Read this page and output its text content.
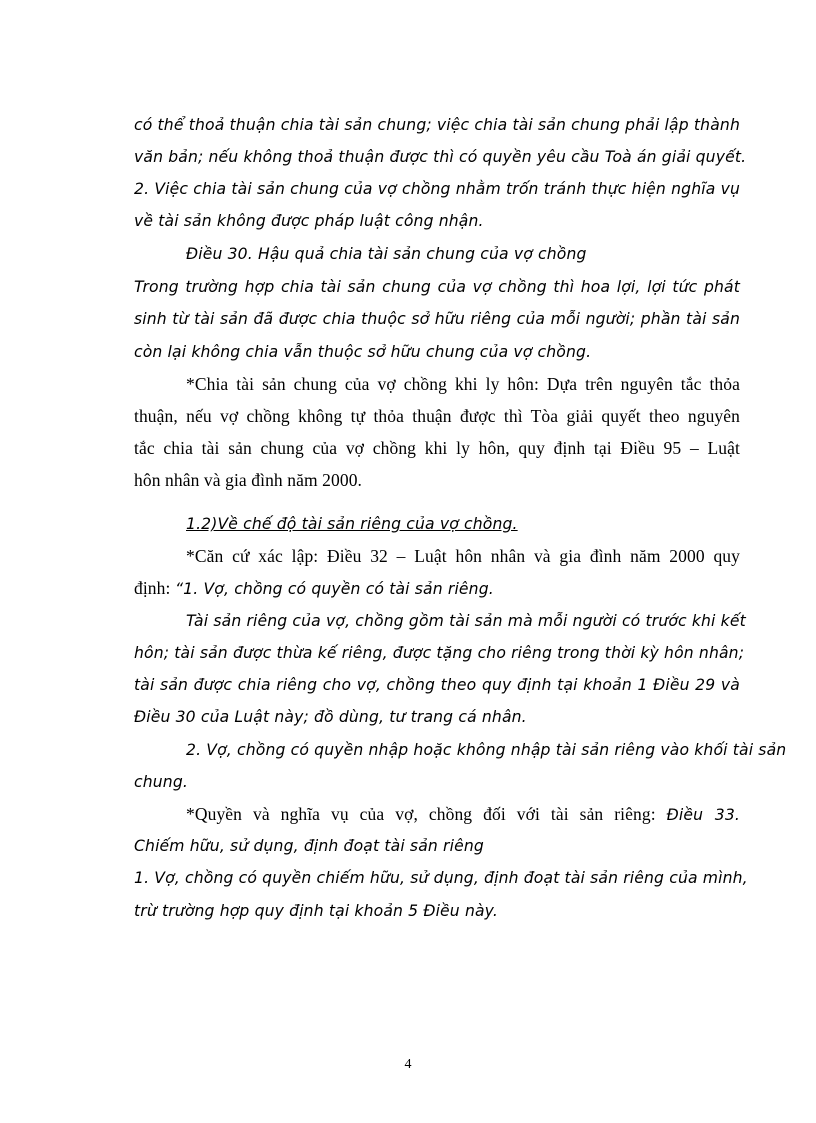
có thể thoả thuận chia tài sản chung; việc chia tài sản chung phải lập thành
văn bản; nếu không thoả thuận được thì có quyền yêu cầu Toà án giải quyết.
2. Việc chia tài sản chung của vợ chồng nhằm trốn tránh thực hiện nghĩa vụ
về tài sản không được pháp luật công nhận.
Điều 30. Hậu quả chia tài sản chung của vợ chồng
Trong trường hợp chia tài sản chung của vợ chồng thì hoa lợi, lợi tức phát
sinh từ tài sản đã được chia thuộc sở hữu riêng của mỗi người; phần tài sản
còn lại không chia vẫn thuộc sở hữu chung của vợ chồng.
*Chia tài sản chung của vợ chồng khi ly hôn: Dựa trên nguyên tắc thỏa
thuận, nếu vợ chồng không tự thỏa thuận được thì Tòa giải quyết theo nguyên
tắc chia tài sản chung của vợ chồng khi ly hôn, quy định tại Điều 95 – Luật
hôn nhân và gia đình năm 2000.
1.2)Về chế độ tài sản riêng của vợ chồng.
*Căn cứ xác lập: Điều 32 – Luật hôn nhân và gia đình năm 2000 quy
định: “1. Vợ, chồng có quyền có tài sản riêng.
Tài sản riêng của vợ, chồng gồm tài sản mà mỗi người có trước khi kết
hôn; tài sản được thừa kế riêng, được tặng cho riêng trong thời kỳ hôn nhân;
tài sản được chia riêng cho vợ, chồng theo quy định tại khoản 1 Điều 29 và
Điều 30 của Luật này; đồ dùng, tư trang cá nhân.
2. Vợ, chồng có quyền nhập hoặc không nhập tài sản riêng vào khối tài sản
chung.
*Quyền và nghĩa vụ của vợ, chồng đối với tài sản riêng: Điều 33.
Chiếm hữu, sử dụng, định đoạt tài sản riêng
1. Vợ, chồng có quyền chiếm hữu, sử dụng, định đoạt tài sản riêng của mình,
trừ trường hợp quy định tại khoản 5 Điều này.
4
